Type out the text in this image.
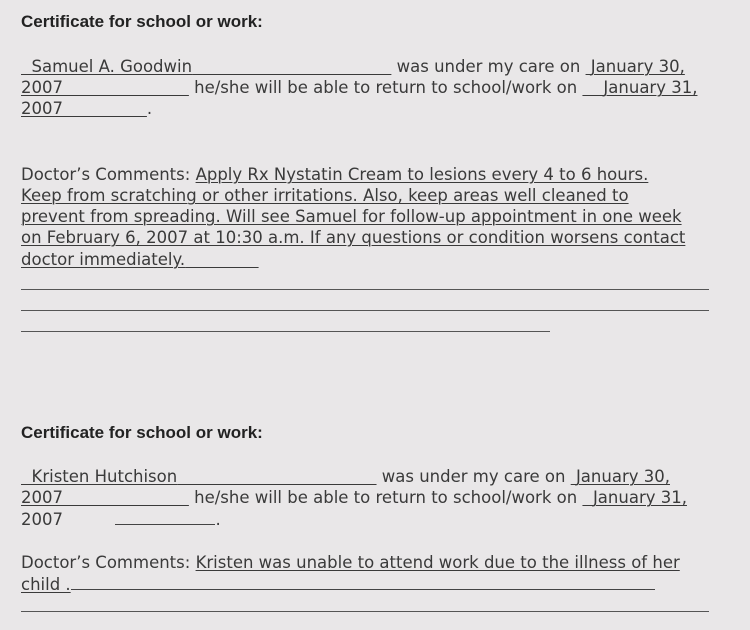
Certificate for school or work:
Samuel A. Goodwin	was under my care on January 30,
2007	he/she will be able to return to school/work on January 31,
2007	.
Doctor’s Comments: Apply Rx Nystatin Cream to lesions every 4 to 6 hours.
Keep from scratching or other irritations. Also, keep areas well cleaned to
prevent from spreading. Will see Samuel for follow-up appointment in one week
on February 6, 2007 at 10:30 a.m. If any questions or condition worsens contact
doctor immediately.
Certificate for school or work:
Kristen Hutchison	was under my care on January 30,
2007	he/she will be able to return to school/work on January 31,
2007	.
Doctor’s Comments: Kristen was unable to attend work due to the illness of her
child .
